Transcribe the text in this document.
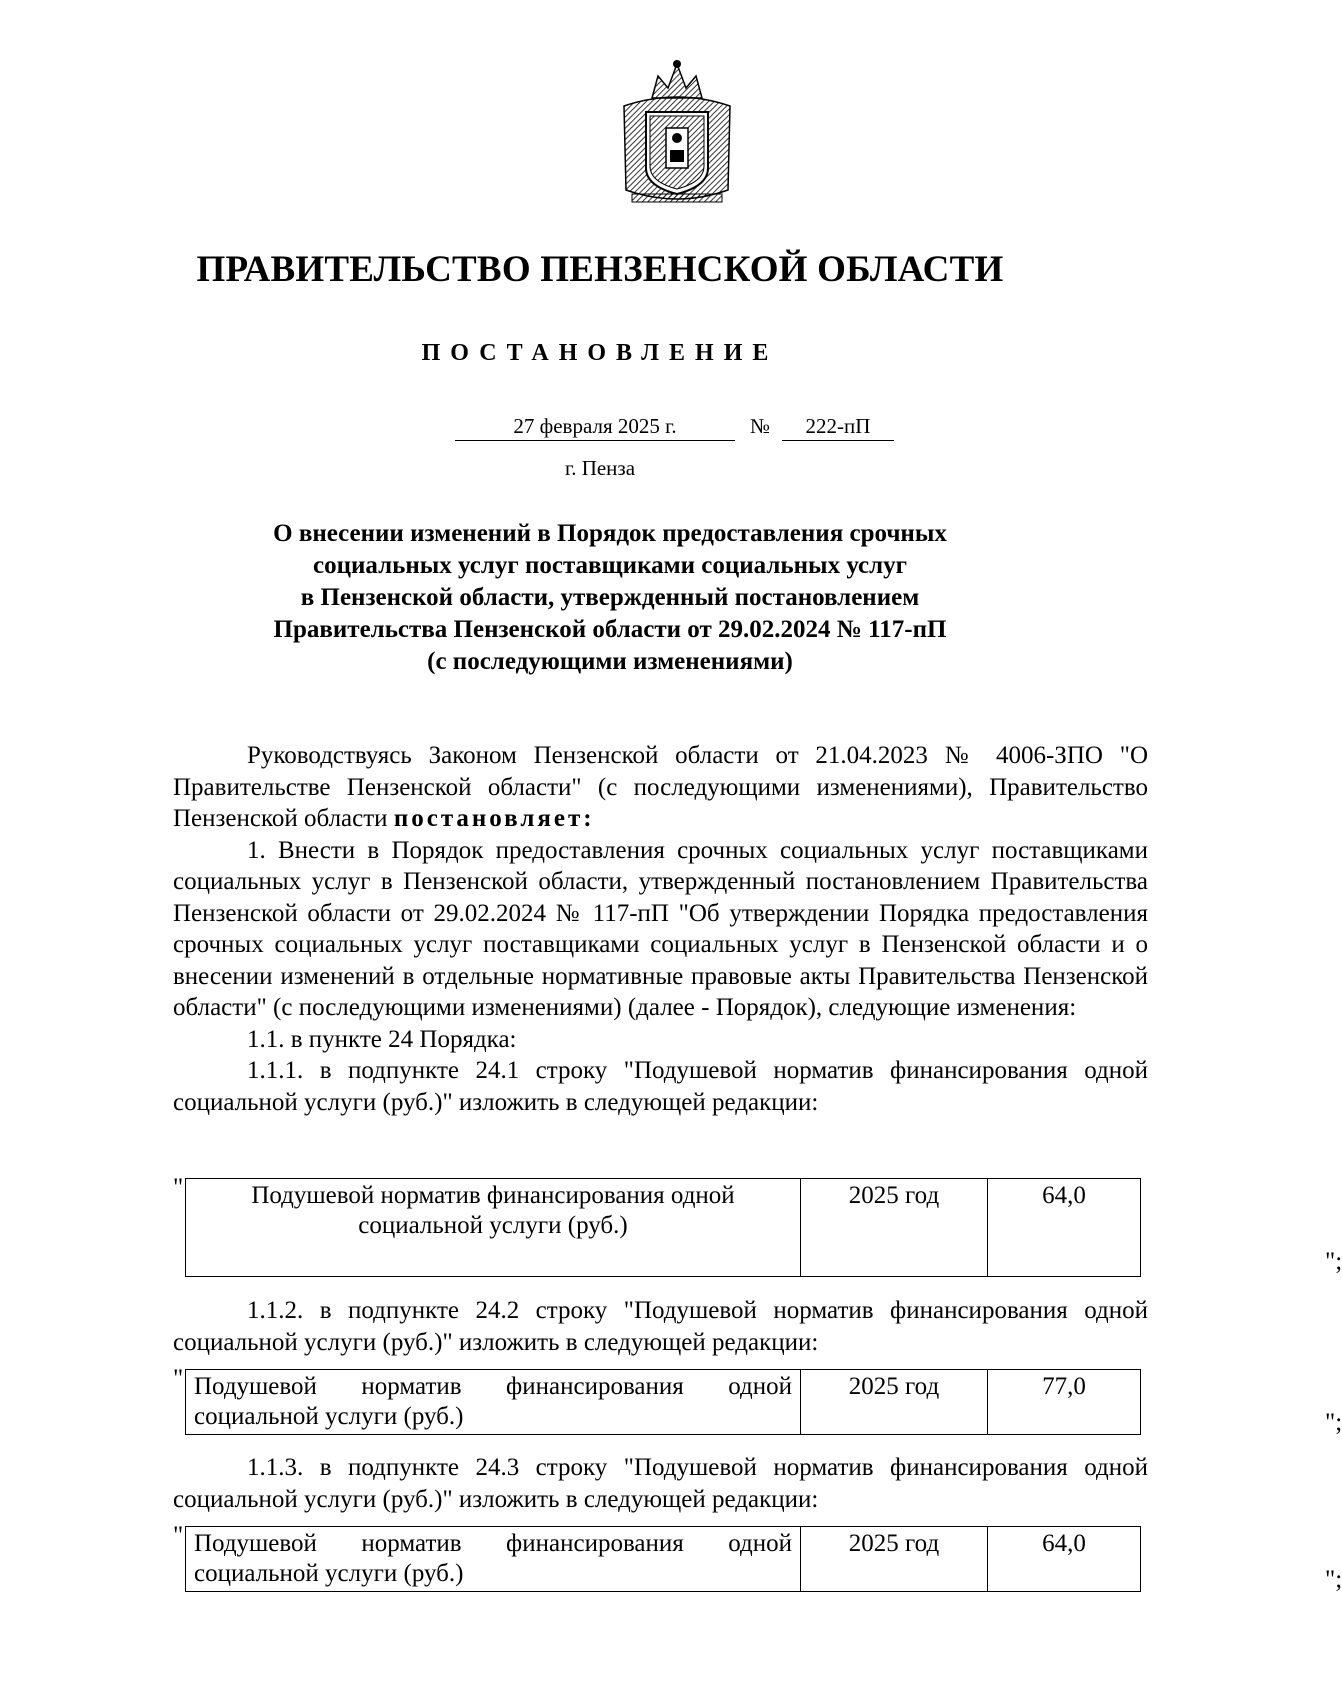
ПРАВИТЕЛЬСТВО ПЕНЗЕНСКОЙ ОБЛАСТИ
ПОСТАНОВЛЕНИЕ
27 февраля 2025 г.	№	222-пП
г. Пенза
О внесении изменений в Порядок предоставления срочных
социальных услуг поставщиками социальных услуг
в Пензенской области, утвержденный постановлением
Правительства Пензенской области от 29.02.2024 № 117-пП
(с последующими изменениями)

Руководствуясь Законом Пензенской области от 21.04.2023 № 4006-ЗПО "О Правительстве Пензенской области" (с последующими изменениями), Правительство Пензенской области постановляет:

1. Внести в Порядок предоставления срочных социальных услуг поставщиками социальных услуг в Пензенской области, утвержденный постановлением Правительства Пензенской области от 29.02.2024 № 117-пП "Об утверждении Порядка предоставления срочных социальных услуг поставщиками социальных услуг в Пензенской области и о внесении изменений в отдельные нормативные правовые акты Правительства Пензенской области" (с последующими изменениями) (далее - Порядок), следующие изменения:

1.1. в пункте 24 Порядка:

1.1.1. в подпункте 24.1 строку "Подушевой норматив финансирования одной социальной услуги (руб.)" изложить в следующей редакции:

"	Подушевой норматив финансирования одной социальной услуги (руб.)	2025 год	64,0
";

1.1.2. в подпункте 24.2 строку "Подушевой норматив финансирования одной социальной услуги (руб.)" изложить в следующей редакции:

" Подушевой норматив финансирования одной социальной услуги (руб.)	2025 год	77,0
";

1.1.3. в подпункте 24.3 строку "Подушевой норматив финансирования одной социальной услуги (руб.)" изложить в следующей редакции:

" Подушевой норматив финансирования одной социальной услуги (руб.)	2025 год	64,0
";
